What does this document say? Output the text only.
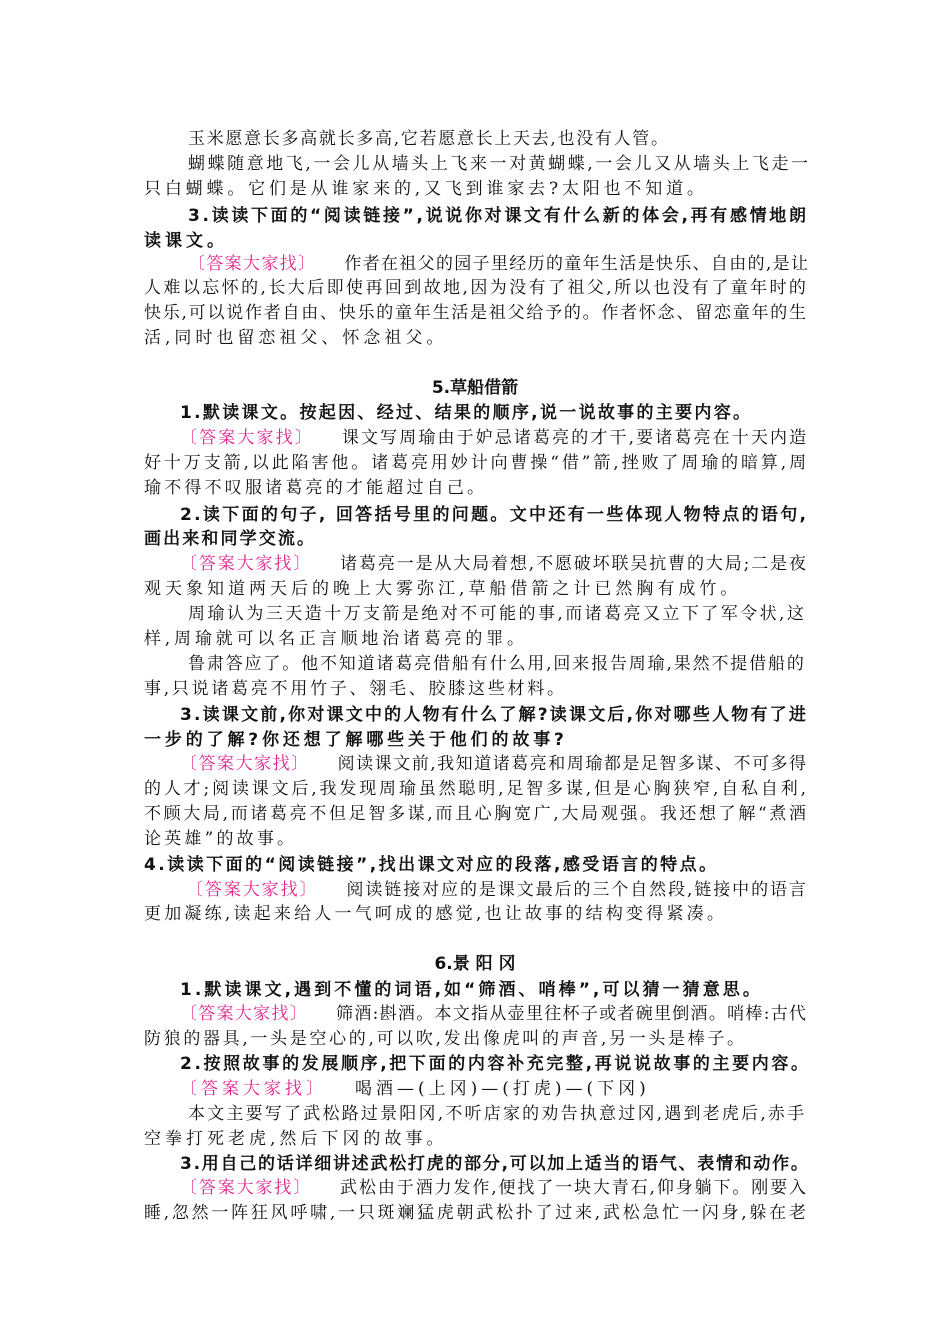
玉米愿意长多高就长多高,它若愿意长上天去,也没有人管。
蝴蝶随意地飞,一会儿从墙头上飞来一对黄蝴蝶,一会儿又从墙头上飞走一
只白蝴蝶。它们是从谁家来的,又飞到谁家去?太阳也不知道。
3.读读下面的“阅读链接”,说说你对课文有什么新的体会,再有感情地朗
读课文。
〔答案大家找〕 作者在祖父的园子里经历的童年生活是快乐、自由的,是让
人难以忘怀的,长大后即使再回到故地,因为没有了祖父,所以也没有了童年时的
快乐,可以说作者自由、快乐的童年生活是祖父给予的。作者怀念、留恋童年的生
活,同时也留恋祖父、怀念祖父。
5.草船借箭
1.默读课文。按起因、经过、结果的顺序,说一说故事的主要内容。
〔答案大家找〕 课文写周瑜由于妒忌诸葛亮的才干,要诸葛亮在十天内造
好十万支箭,以此陷害他。诸葛亮用妙计向曹操“借”箭,挫败了周瑜的暗算,周
瑜不得不叹服诸葛亮的才能超过自己。
2.读下面的句子, 回答括号里的问题。文中还有一些体现人物特点的语句,
画出来和同学交流。
〔答案大家找〕 诸葛亮一是从大局着想,不愿破坏联吴抗曹的大局;二是夜
观天象知道两天后的晚上大雾弥江,草船借箭之计已然胸有成竹。
周瑜认为三天造十万支箭是绝对不可能的事,而诸葛亮又立下了军令状,这
样,周瑜就可以名正言顺地治诸葛亮的罪。
鲁肃答应了。他不知道诸葛亮借船有什么用,回来报告周瑜,果然不提借船的
事,只说诸葛亮不用竹子、翎毛、胶膝这些材料。
3.读课文前,你对课文中的人物有什么了解?读课文后,你对哪些人物有了进
一步的了解?你还想了解哪些关于他们的故事?
〔答案大家找〕 阅读课文前,我知道诸葛亮和周瑜都是足智多谋、不可多得
的人才;阅读课文后,我发现周瑜虽然聪明,足智多谋,但是心胸狭窄,自私自利,
不顾大局,而诸葛亮不但足智多谋,而且心胸宽广,大局观强。我还想了解“煮酒
论英雄”的故事。
4.读读下面的“阅读链接”,找出课文对应的段落,感受语言的特点。
〔答案大家找〕 阅读链接对应的是课文最后的三个自然段,链接中的语言
更加凝练,读起来给人一气呵成的感觉,也让故事的结构变得紧凑。
6.景 阳 冈
1.默读课文,遇到不懂的词语,如“筛酒、哨棒”,可以猜一猜意思。
〔答案大家找〕 筛酒:斟酒。本文指从壶里往杯子或者碗里倒酒。哨棒:古代
防狼的器具,一头是空心的,可以吹,发出像虎叫的声音,另一头是棒子。
2.按照故事的发展顺序,把下面的内容补充完整,再说说故事的主要内容。
〔答案大家找〕 喝酒—(上冈)—(打虎)—(下冈)
本文主要写了武松路过景阳冈,不听店家的劝告执意过冈,遇到老虎后,赤手
空拳打死老虎,然后下冈的故事。
3.用自己的话详细讲述武松打虎的部分,可以加上适当的语气、表情和动作。
〔答案大家找〕 武松由于酒力发作,便找了一块大青石,仰身躺下。刚要入
睡,忽然一阵狂风呼啸,一只斑斓猛虎朝武松扑了过来,武松急忙一闪身,躲在老
